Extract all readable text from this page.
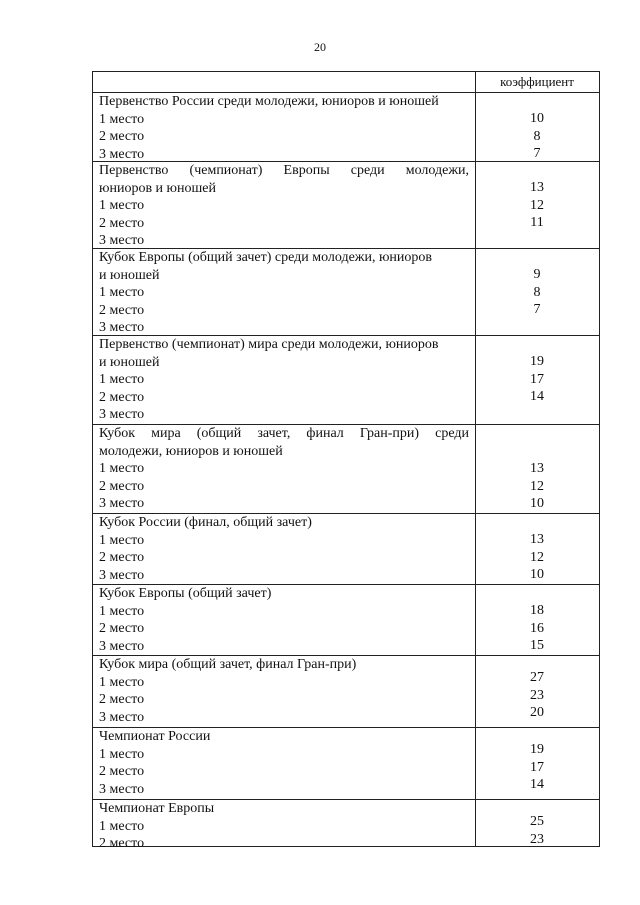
20
коэффициент
Первенство России среди молодежи, юниоров и юношей
1 место
2 место
3 место
10
8
7
Первенство (чемпионат) Европы среди молодежи,
юниоров и юношей
1 место
2 место
3 место
13
12
11
Кубок Европы (общий зачет) среди молодежи, юниоров
и юношей
1 место
2 место
3 место
9
8
7
Первенство (чемпионат) мира среди молодежи, юниоров
и юношей
1 место
2 место
3 место
19
17
14
Кубок мира (общий зачет, финал Гран-при) среди
молодежи, юниоров и юношей
1 место
2 место
3 место
13
12
10
Кубок России (финал, общий зачет)
1 место
2 место
3 место
13
12
10
Кубок Европы (общий зачет)
1 место
2 место
3 место
18
16
15
Кубок мира (общий зачет, финал Гран-при)
1 место
2 место
3 место
27
23
20
Чемпионат России
1 место
2 место
3 место
19
17
14
Чемпионат Европы
1 место
2 место
25
23
